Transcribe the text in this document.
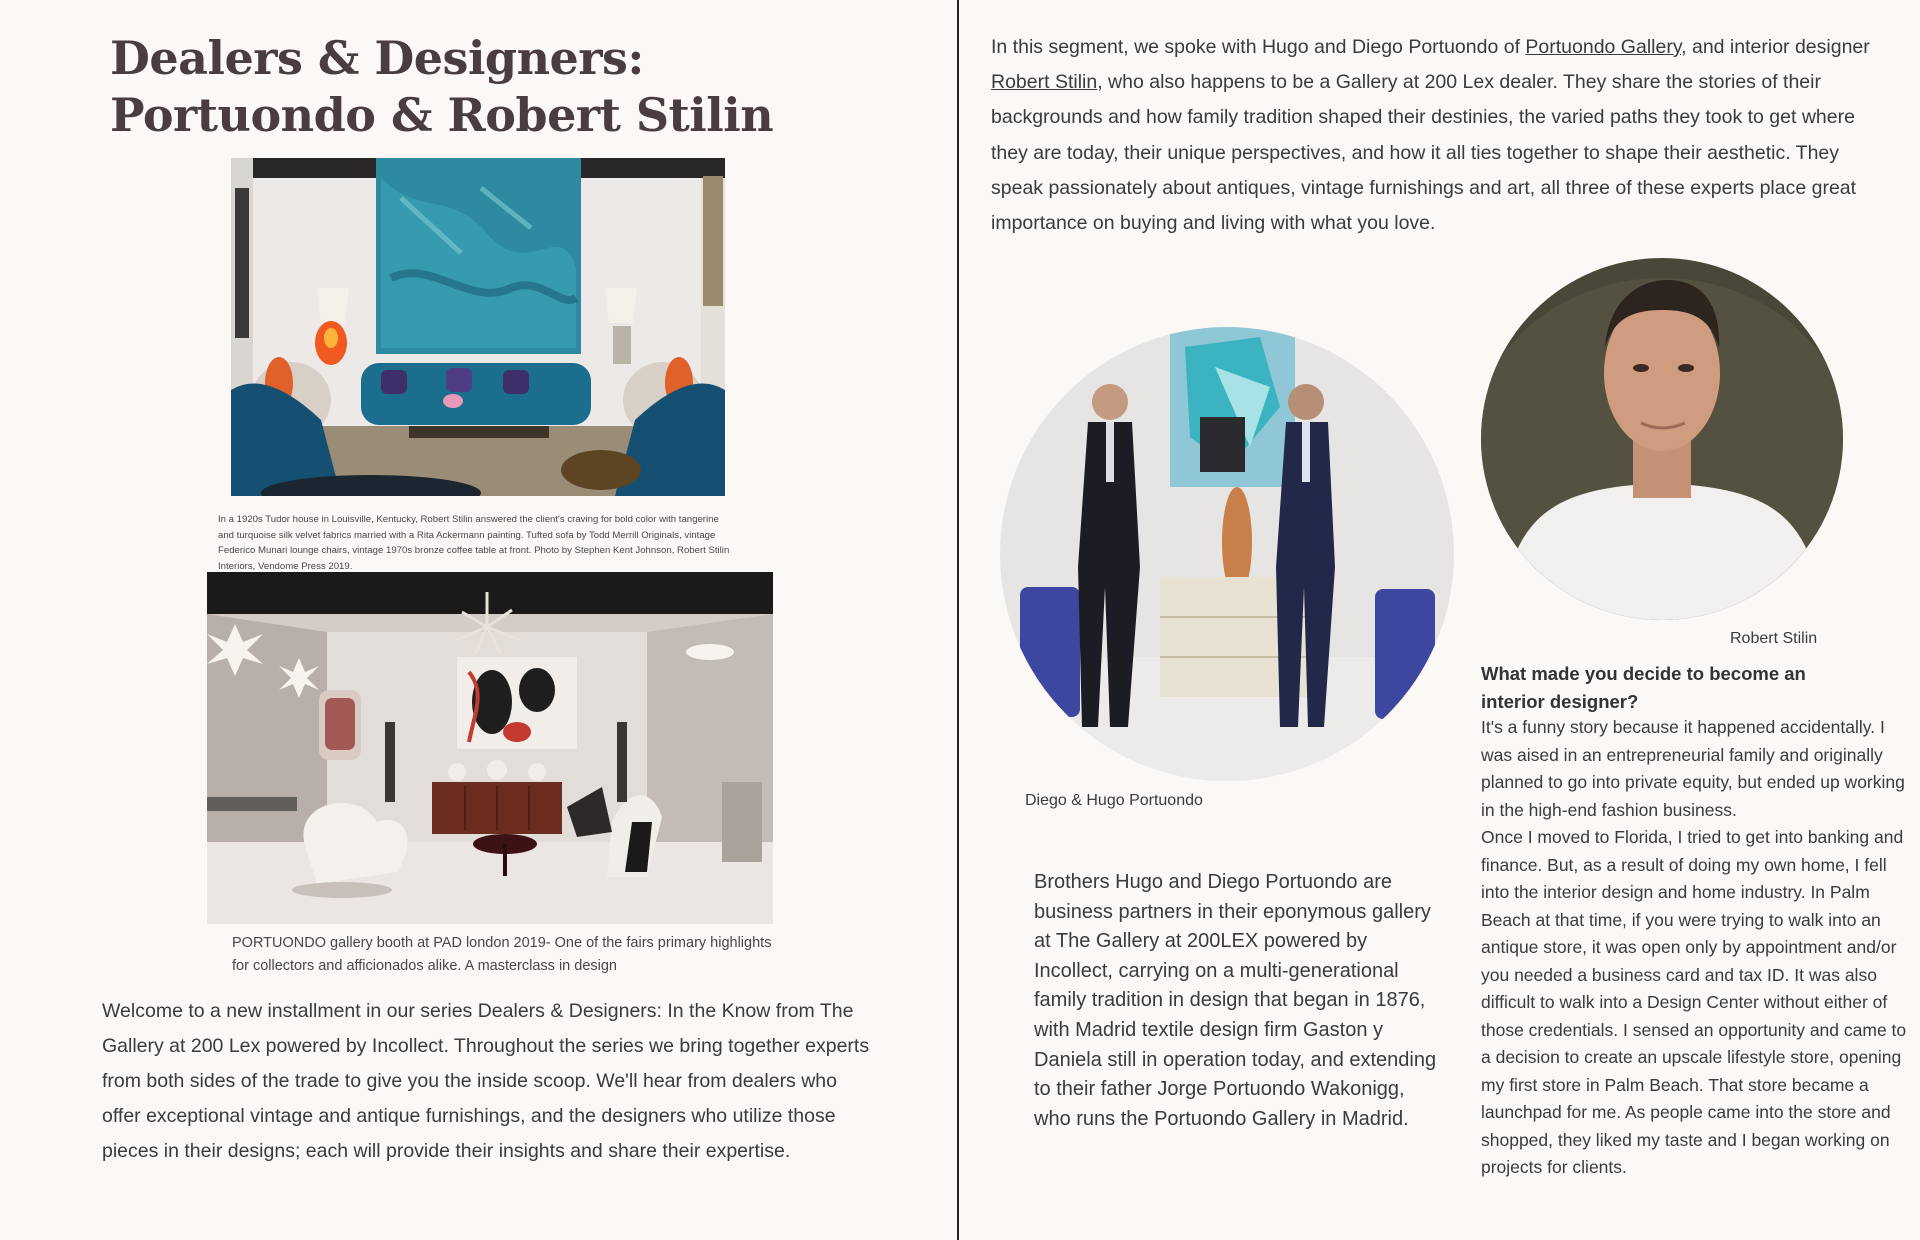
Dealers & Designers: Portuondo & Robert Stilin

In a 1920s Tudor house in Louisville, Kentucky, Robert Stilin answered the client's craving for bold color with tangerine and turquoise silk velvet fabrics married with a Rita Ackermann painting. Tufted sofa by Todd Merrill Originals, vintage Federico Munari lounge chairs, vintage 1970s bronze coffee table at front. Photo by Stephen Kent Johnson, Robert Stilin Interiors, Vendome Press 2019.

PORTUONDO gallery booth at PAD london 2019- One of the fairs primary highlights for collectors and afficionados alike. A masterclass in design

Welcome to a new installment in our series Dealers & Designers: In the Know from The Gallery at 200 Lex powered by Incollect. Throughout the series we bring together experts from both sides of the trade to give you the inside scoop. We'll hear from dealers who offer exceptional vintage and antique furnishings, and the designers who utilize those pieces in their designs; each will provide their insights and share their expertise.

In this segment, we spoke with Hugo and Diego Portuondo of Portuondo Gallery, and interior designer Robert Stilin, who also happens to be a Gallery at 200 Lex dealer. They share the stories of their backgrounds and how family tradition shaped their destinies, the varied paths they took to get where they are today, their unique perspectives, and how it all ties together to shape their aesthetic. They speak passionately about antiques, vintage furnishings and art, all three of these experts place great importance on buying and living with what you love.

Diego & Hugo Portuondo

Robert Stilin

Brothers Hugo and Diego Portuondo are business partners in their eponymous gallery at The Gallery at 200LEX powered by Incollect, carrying on a multi-generational family tradition in design that began in 1876, with Madrid textile design firm Gaston y Daniela still in operation today, and extending to their father Jorge Portuondo Wakonigg, who runs the Portuondo Gallery in Madrid.

What made you decide to become an interior designer?

It's a funny story because it happened accidentally. I was aised in an entrepreneurial family and originally planned to go into private equity, but ended up working in the high-end fashion business.

Once I moved to Florida, I tried to get into banking and finance. But, as a result of doing my own home, I fell into the interior design and home industry. In Palm Beach at that time, if you were trying to walk into an antique store, it was open only by appointment and/or you needed a business card and tax ID. It was also difficult to walk into a Design Center without either of those credentials. I sensed an opportunity and came to a decision to create an upscale lifestyle store, opening my first store in Palm Beach. That store became a launchpad for me. As people came into the store and shopped, they liked my taste and I began working on projects for clients.
